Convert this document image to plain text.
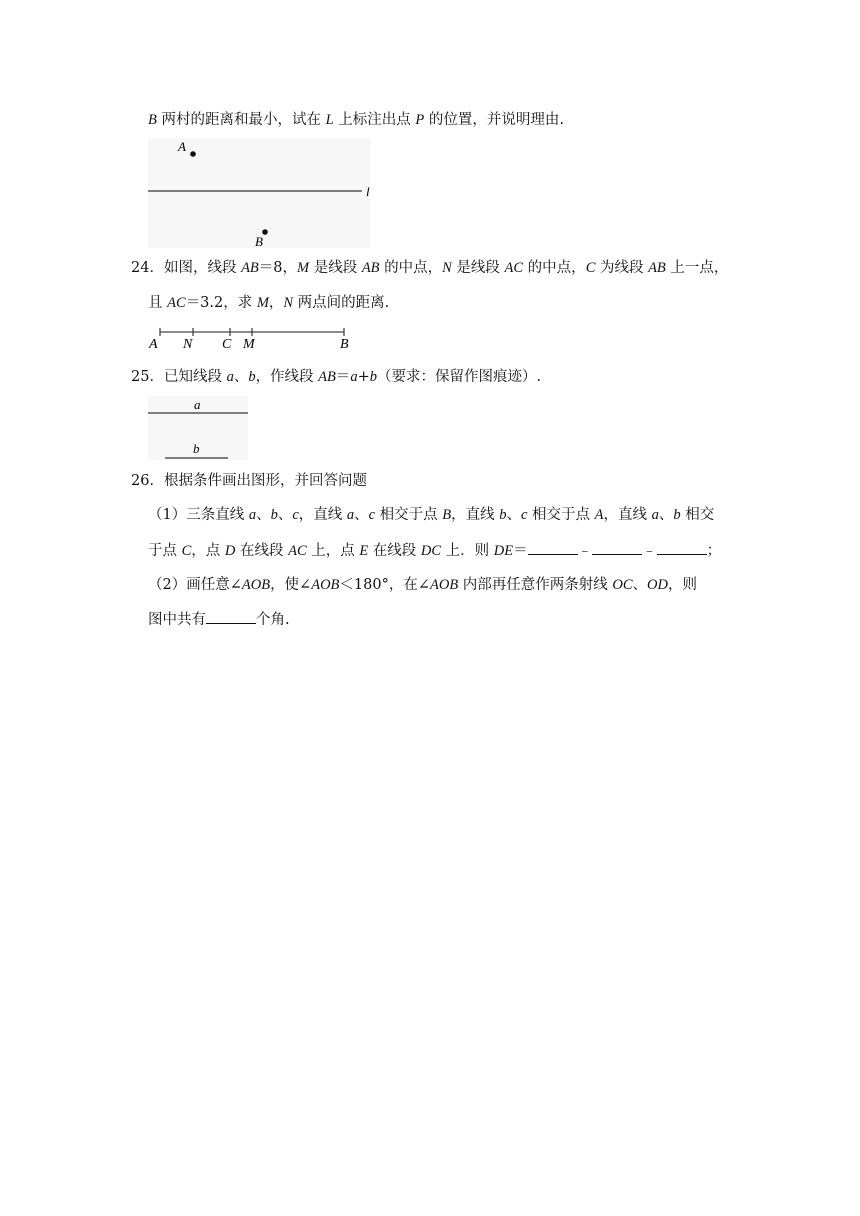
B 两村的距离和最小，试在 L 上标注出点 P 的位置，并说明理由.
A
l
B
24．如图，线段 AB＝8，M 是线段 AB 的中点，N 是线段 AC 的中点，C 为线段 AB 上一点，
且 AC＝3.2，求 M，N 两点间的距离.
A N C M	B
25．已知线段 a、b，作线段 AB＝a+b（要求：保留作图痕迹）.
a
b
26．根据条件画出图形，并回答问题
（1）三条直线 a、b、c，直线 a、c 相交于点 B，直线 b、c 相交于点 A，直线 a、b 相交
于点 C，点 D 在线段 AC 上，点 E 在线段 DC 上．则 DE＝	﹣	﹣	；
（2）画任意∠AOB，使∠AOB＜180°，在∠AOB 内部再任意作两条射线 OC、OD，则
图中共有	个角.
